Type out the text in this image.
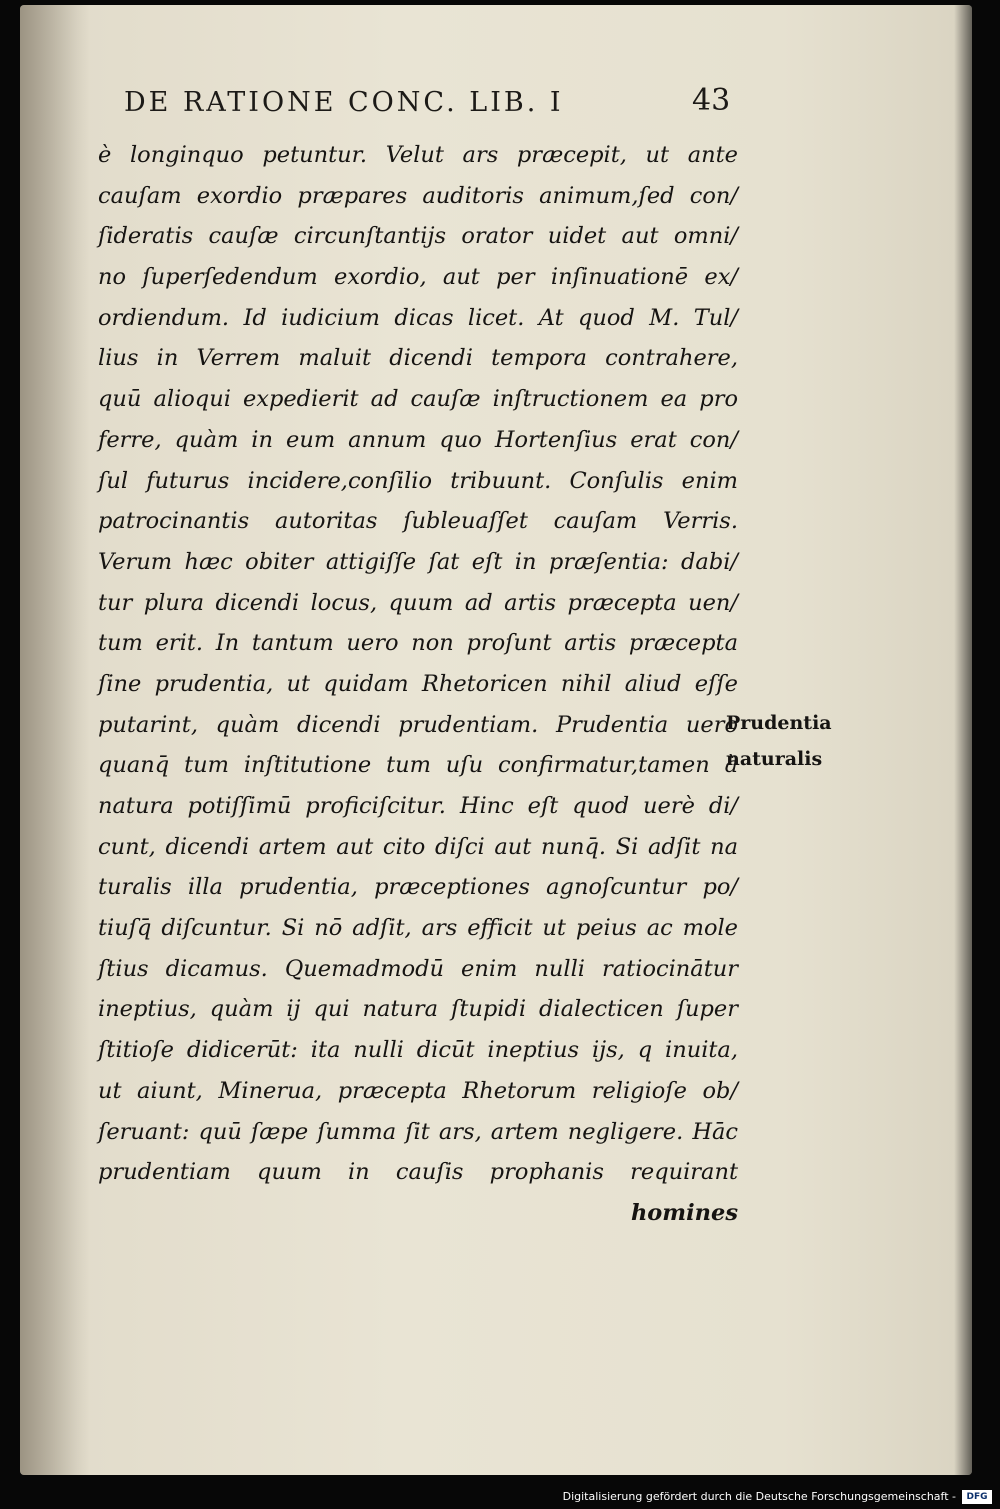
DE RATIONE CONC. LIB. I	43
è longinquo petuntur. Velut ars præcepit, ut ante
cauſam exordio præpares auditoris animum,ſed con/
ſideratis cauſæ circunſtantijs orator uidet aut omni/
no ſuperſedendum exordio, aut per inſinuationē ex/
ordiendum. Id iudicium dicas licet. At quod M. Tul/
lius in Verrem maluit dicendi tempora contrahere,
quū alioqui expedierit ad cauſæ inſtructionem ea pro
ferre, quàm in eum annum quo Hortenſius erat con/
ſul futurus incidere,conſilio tribuunt. Conſulis enim
patrocinantis autoritas ſubleuaſſet cauſam Verris.
Verum hæc obiter attigiſſe ſat eſt in præſentia: dabi/
tur plura dicendi locus, quum ad artis præcepta uen/
tum erit. In tantum uero non proſunt artis præcepta
ſine prudentia, ut quidam Rhetoricen nihil aliud eſſe
putarint, quàm dicendi prudentiam. Prudentia uero
quanq̄ tum inſtitutione tum uſu confirmatur,tamen à
natura potiſſimū proficiſcitur. Hinc eſt quod uerè di/
cunt, dicendi artem aut cito diſci aut nunq̄. Si adſit na
turalis illa prudentia, præceptiones agnoſcuntur po/
tiuſq̄ diſcuntur. Si nō adſit, ars efficit ut peius ac mole
ſtius dicamus. Quemadmodū enim nulli ratiocinātur
ineptius, quàm ij qui natura ſtupidi dialecticen ſuper
ſtitioſe didicerūt: ita nulli dicūt ineptius ijs, q inuita,
ut aiunt, Minerua, præcepta Rhetorum religioſe ob/
ſeruant: quū ſæpe ſumma ſit ars, artem negligere. Hāc
prudentiam quum in cauſis prophanis requirant
homines
Prudentia
naturalis
Digitalisierung gefördert durch die Deutsche Forschungsgemeinschaft -	DFG
